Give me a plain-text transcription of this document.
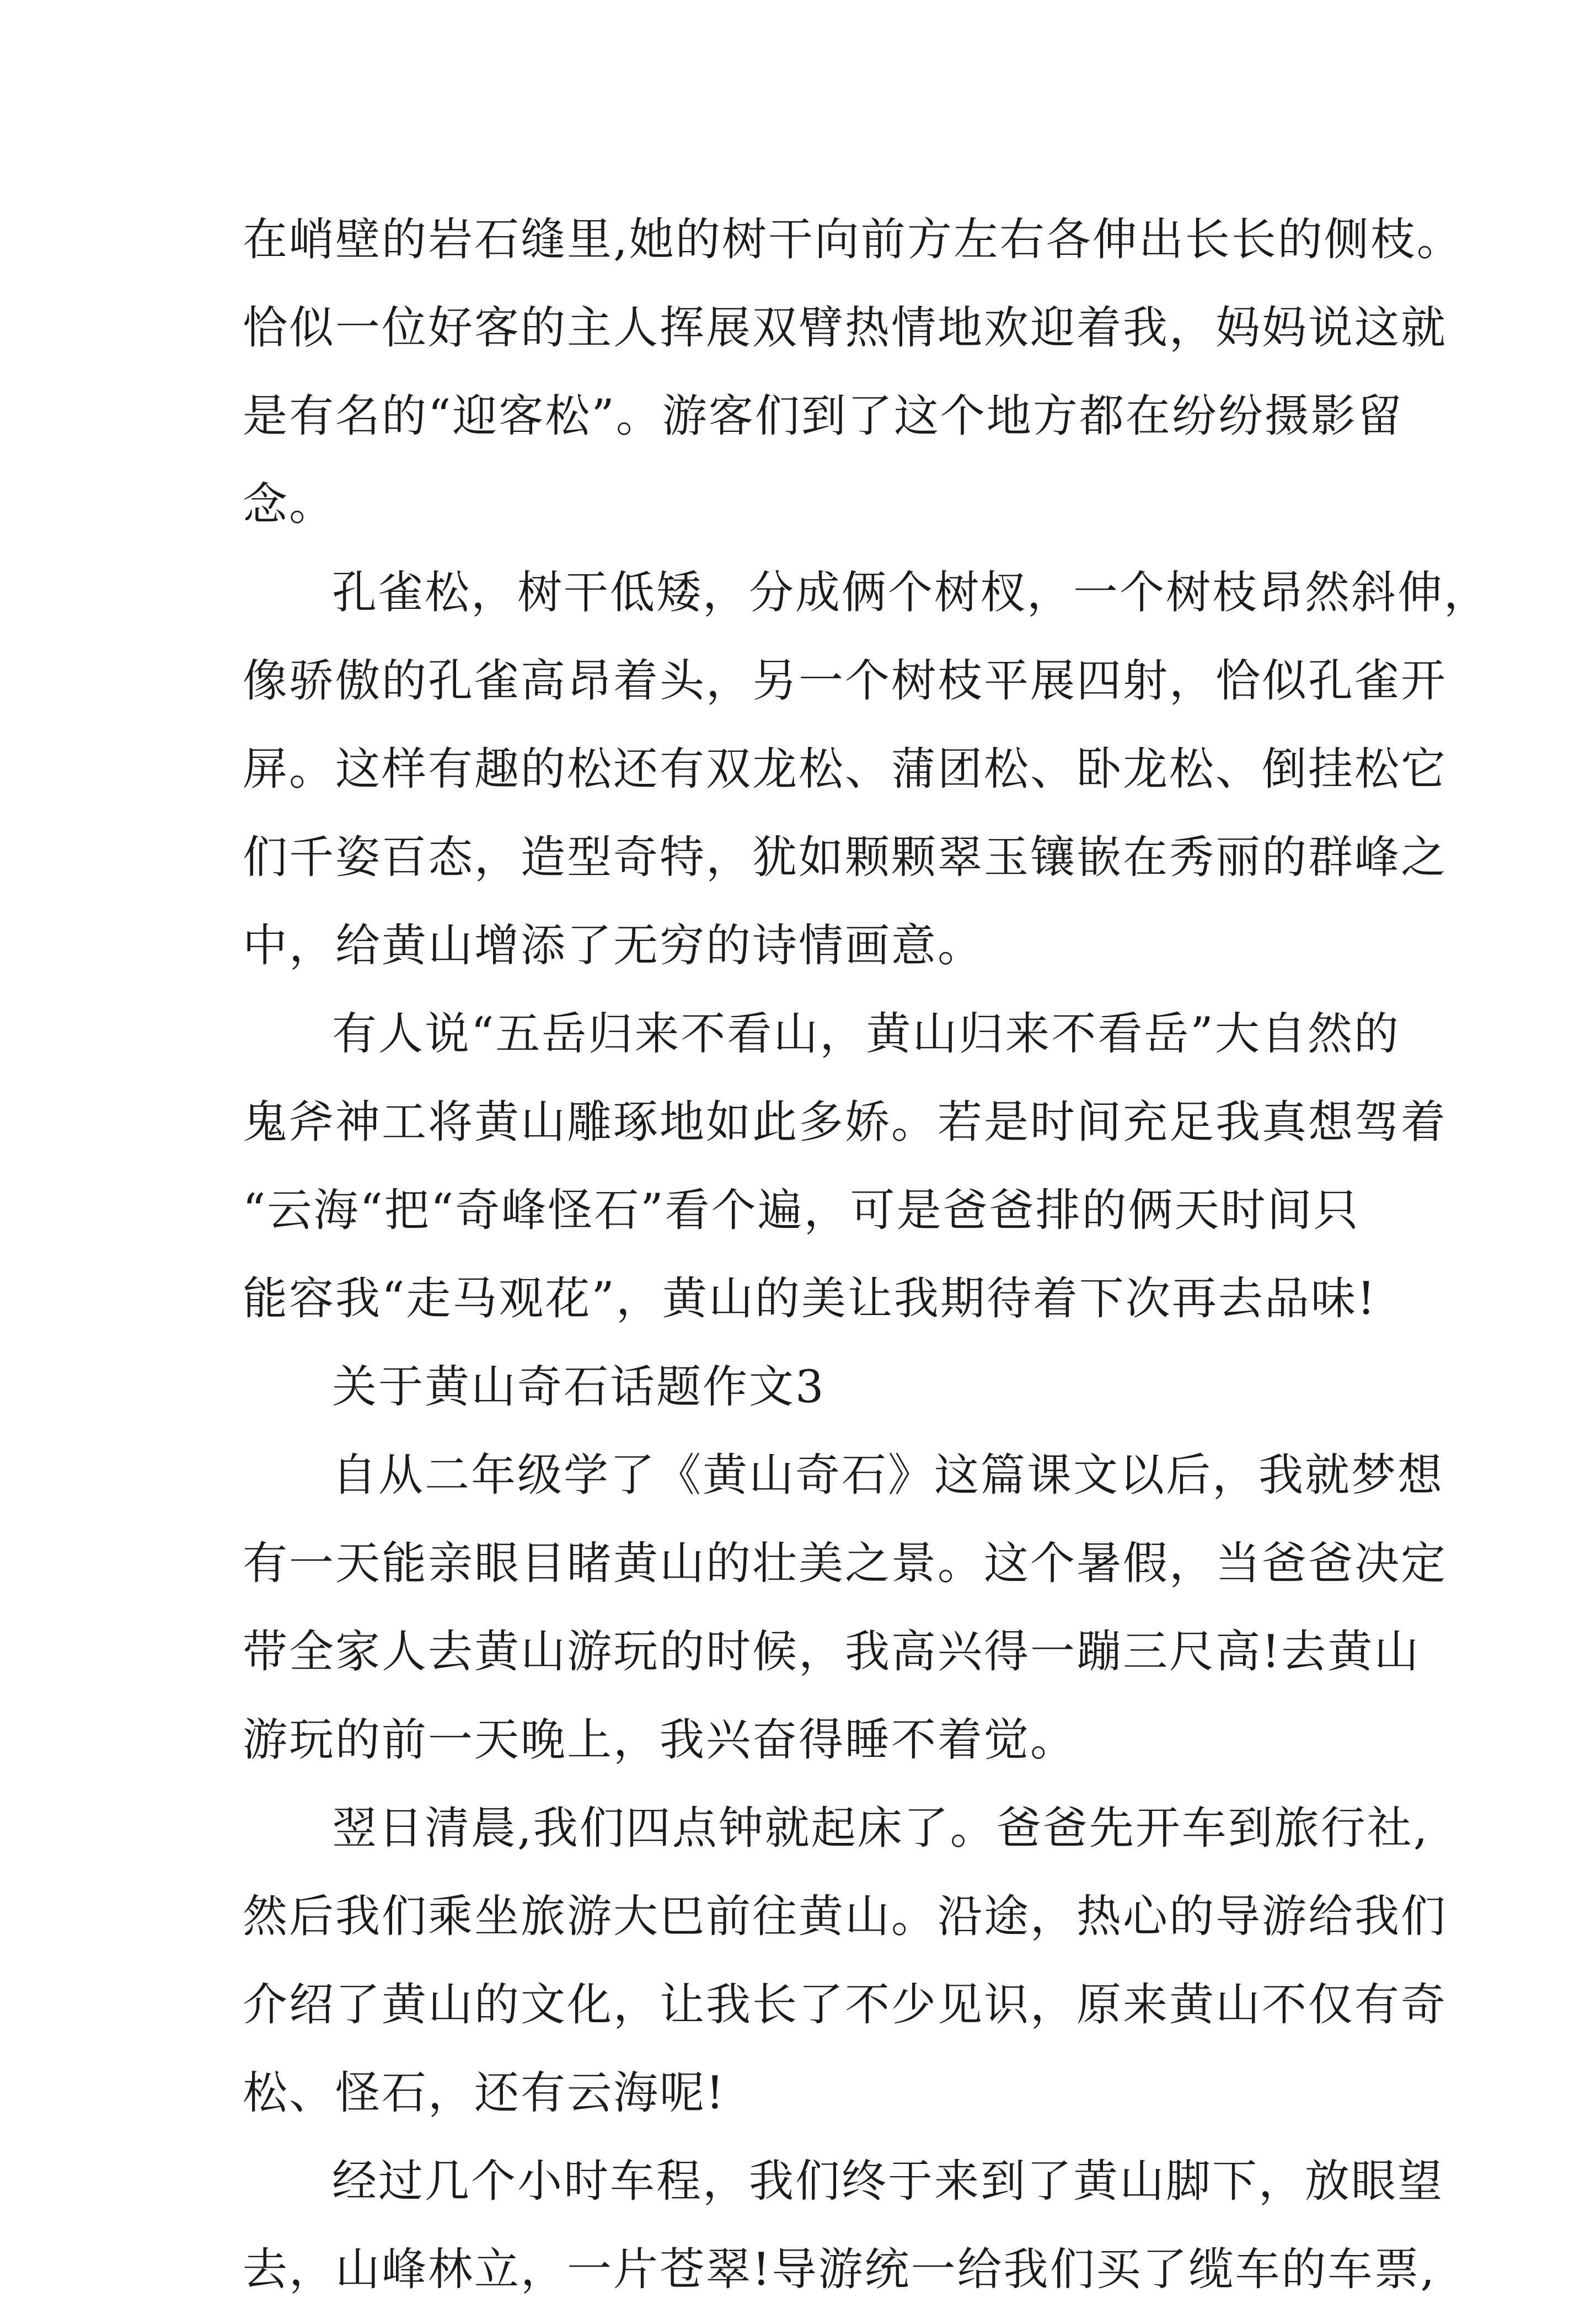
在峭壁的岩石缝里,她的树干向前方左右各伸出长长的侧枝。
恰似一位好客的主人挥展双臂热情地欢迎着我，妈妈说这就
是有名的“迎客松”。游客们到了这个地方都在纷纷摄影留
念。
孔雀松，树干低矮，分成俩个树杈，一个树枝昂然斜伸，
像骄傲的孔雀高昂着头，另一个树枝平展四射，恰似孔雀开
屏。这样有趣的松还有双龙松、蒲团松、卧龙松、倒挂松它
们千姿百态，造型奇特，犹如颗颗翠玉镶嵌在秀丽的群峰之
中，给黄山增添了无穷的诗情画意。
有人说“五岳归来不看山，黄山归来不看岳”大自然的
鬼斧神工将黄山雕琢地如此多娇。若是时间充足我真想驾着
“云海“把“奇峰怪石”看个遍，可是爸爸排的俩天时间只
能容我“走马观花”，黄山的美让我期待着下次再去品味!
关于黄山奇石话题作文3
自从二年级学了《黄山奇石》这篇课文以后，我就梦想
有一天能亲眼目睹黄山的壮美之景。这个暑假，当爸爸决定
带全家人去黄山游玩的时候，我高兴得一蹦三尺高!去黄山
游玩的前一天晚上，我兴奋得睡不着觉。
翌日清晨,我们四点钟就起床了。爸爸先开车到旅行社,
然后我们乘坐旅游大巴前往黄山。沿途，热心的导游给我们
介绍了黄山的文化，让我长了不少见识，原来黄山不仅有奇
松、怪石，还有云海呢!
经过几个小时车程，我们终于来到了黄山脚下，放眼望
去，山峰林立，一片苍翠!导游统一给我们买了缆车的车票,
